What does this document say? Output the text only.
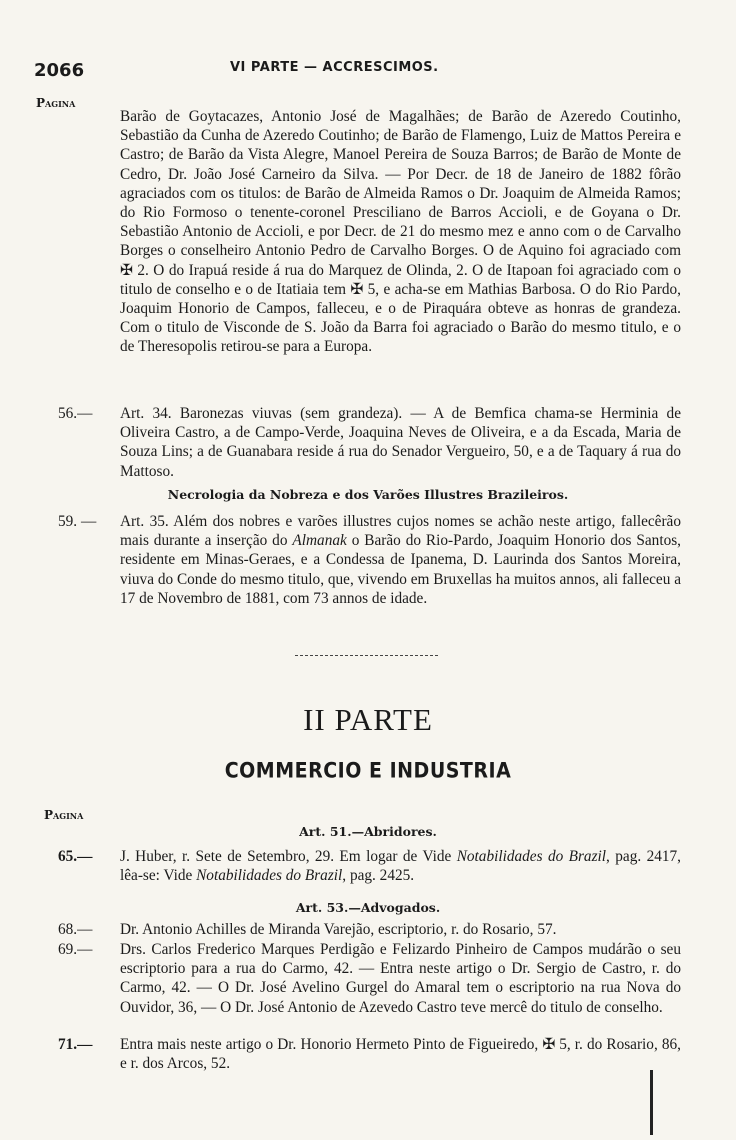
2066	VI PARTE — ACCRESCIMOS.
Pagina
Barão de Goytacazes, Antonio José de Magalhães; de Barão de Azeredo Coutinho, Sebastião da Cunha de Azeredo Coutinho; de Barão de Flamengo, Luiz de Mattos Pereira e Castro; de Barão da Vista Alegre, Manoel Pereira de Souza Barros; de Barão de Monte de Cedro, Dr. João José Carneiro da Silva. — Por Decr. de 18 de Janeiro de 1882 fôrão agraciados com os titulos: de Barão de Almeida Ramos o Dr. Joaquim de Almeida Ramos; do Rio Formoso o tenente-coronel Presciliano de Barros Accioli, e de Goyana o Dr. Sebastião Antonio de Accioli, e por Decr. de 21 do mesmo mez e anno com o de Carvalho Borges o conselheiro Antonio Pedro de Carvalho Borges. O de Aquino foi agraciado com ✠ 2. O do Irapuá reside á rua do Marquez de Olinda, 2. O de Itapoan foi agraciado com o titulo de conselho e o de Itatiaia tem ✠ 5, e acha-se em Mathias Barbosa. O do Rio Pardo, Joaquim Honorio de Campos, falleceu, e o de Piraquára obteve as honras de grandeza. Com o titulo de Visconde de S. João da Barra foi agraciado o Barão do mesmo titulo, e o de Theresopolis retirou-se para a Europa.
56.— Art. 34. Baronezas viuvas (sem grandeza). — A de Bemfica chama-se Herminia de Oliveira Castro, a de Campo-Verde, Joaquina Neves de Oliveira, e a da Escada, Maria de Souza Lins; a de Guanabara reside á rua do Senador Vergueiro, 50, e a de Taquary á rua do Mattoso.
Necrologia da Nobreza e dos Varões Illustres Brazileiros.
59. — Art. 35. Além dos nobres e varões illustres cujos nomes se achão neste artigo, fallecêrão mais durante a inserção do Almanak o Barão do Rio-Pardo, Joaquim Honorio dos Santos, residente em Minas-Geraes, e a Condessa de Ipanema, D. Laurinda dos Santos Moreira, viuva do Conde do mesmo titulo, que, vivendo em Bruxellas ha muitos annos, ali falleceu a 17 de Novembro de 1881, com 73 annos de idade.
II PARTE
COMMERCIO E INDUSTRIA
Pagina
Art. 51.—Abridores.
65.— J. Huber, r. Sete de Setembro, 29. Em logar de Vide Notabilidades do Brazil, pag. 2417, lêa-se: Vide Notabilidades do Brazil, pag. 2425.
Art. 53.—Advogados.
68.— Dr. Antonio Achilles de Miranda Varejão, escriptorio, r. do Rosario, 57.
69.— Drs. Carlos Frederico Marques Perdigão e Felizardo Pinheiro de Campos mudárão o seu escriptorio para a rua do Carmo, 42. — Entra neste artigo o Dr. Sergio de Castro, r. do Carmo, 42. — O Dr. José Avelino Gurgel do Amaral tem o escriptorio na rua Nova do Ouvidor, 36, — O Dr. José Antonio de Azevedo Castro teve mercê do titulo de conselho.
71.— Entra mais neste artigo o Dr. Honorio Hermeto Pinto de Figueiredo, ✠ 5, r. do Rosario, 86, e r. dos Arcos, 52.
